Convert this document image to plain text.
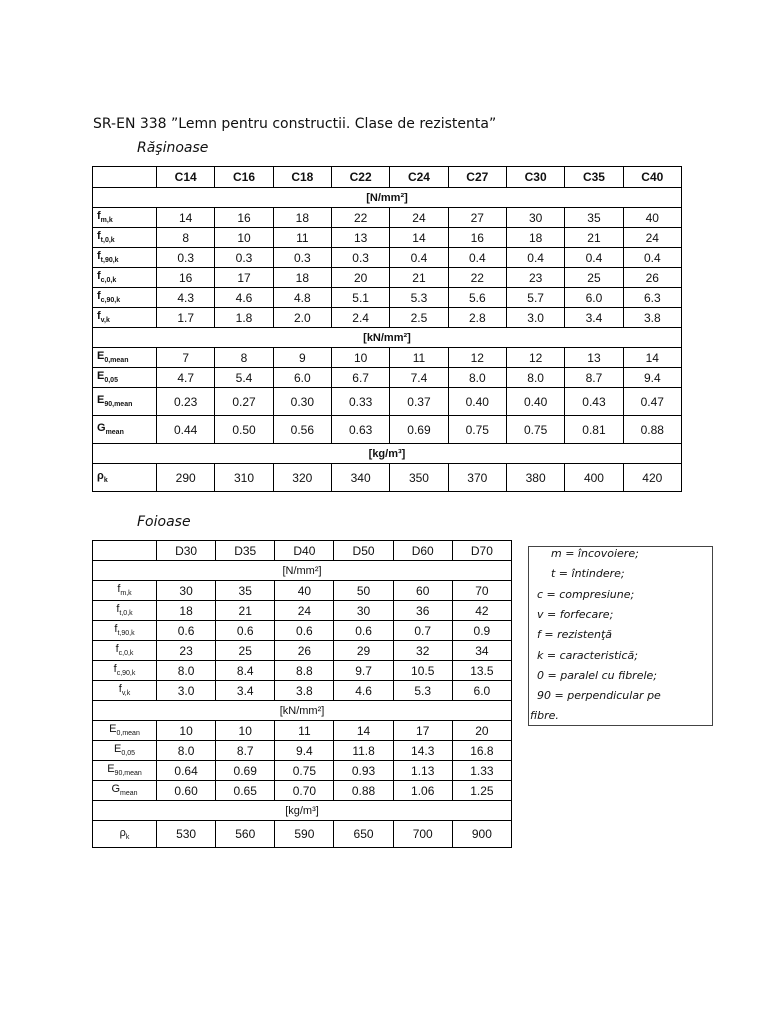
SR-EN 338 ”Lemn pentru constructii. Clase de rezistenta”
Răşinoase
	C14	C16	C18	C22	C24	C27	C30	C35	C40
[N/mm²]									
$f_{m,k}$	14	16	18	22	24	27	30	35	40
$f_{t,0,k}$	8	10	11	13	14	16	18	21	24
$f_{t,90,k}$	0.3	0.3	0.3	0.3	0.4	0.4	0.4	0.4	0.4
$f_{c,0,k}$	16	17	18	20	21	22	23	25	26
$f_{c,90,k}$	4.3	4.6	4.8	5.1	5.3	5.6	5.7	6.0	6.3
$f_{v,k}$	1.7	1.8	2.0	2.4	2.5	2.8	3.0	3.4	3.8
[kN/mm²]									
$E_{0,mean}$	7	8	9	10	11	12	12	13	14
$E_{0,05}$	4.7	5.4	6.0	6.7	7.4	8.0	8.0	8.7	9.4
$E_{90,mean}$	0.23	0.27	0.30	0.33	0.37	0.40	0.40	0.43	0.47
$G_{mean}$	0.44	0.50	0.56	0.63	0.69	0.75	0.75	0.81	0.88
[kg/m³]									
$\rho_k$	290	310	320	340	350	370	380	400	420
Foioase
	D30	D35	D40	D50	D60	D70
[N/mm²]						
$f_{m,k}$	30	35	40	50	60	70
$f_{t,0,k}$	18	21	24	30	36	42
$f_{t,90,k}$	0.6	0.6	0.6	0.6	0.7	0.9
$f_{c,0,k}$	23	25	26	29	32	34
$f_{c,90,k}$	8.0	8.4	8.8	9.7	10.5	13.5
$f_{v,k}$	3.0	3.4	3.8	4.6	5.3	6.0
[kN/mm²]						
$E_{0,mean}$	10	10	11	14	17	20
$E_{0,05}$	8.0	8.7	9.4	11.8	14.3	16.8
$E_{90,mean}$	0.64	0.69	0.75	0.93	1.13	1.33
$G_{mean}$	0.60	0.65	0.70	0.88	1.06	1.25
[kg/m³]						
$\rho_k$	530	560	590	650	700	900
m = încovoiere;
t = întindere;
c = compresiune;
v = forfecare;
f = rezistenţă
k = caracteristică;
0 = paralel cu fibrele;
90 = perpendicular pe
fibre.
